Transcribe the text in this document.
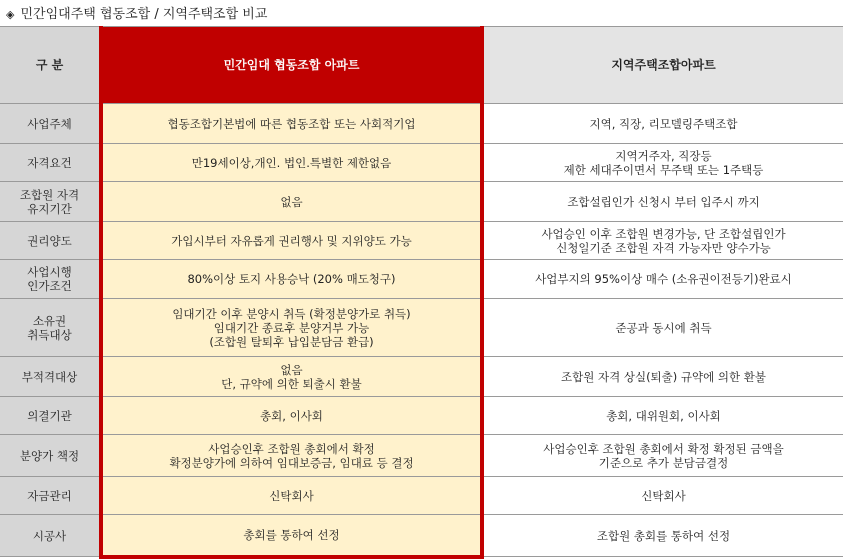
◈ 민간임대주택 협동조합 / 지역주택조합 비교
구 분	민간임대 협동조합 아파트	지역주택조합아파트

사업주체	협동조합기본법에 따른 협동조합 또는 사회적기업	지역, 직장, 리모델링주택조합

자격요건	만19세이상,개인. 법인.특별한 제한없음	지역거주자, 직장등
제한 세대주이면서 무주택 또는 1주택등

조합원 자격
유지기간	없음	조합설립인가 신청시 부터 입주시 까지

권리양도	가입시부터 자유롭게 권리행사 및 지위양도 가능	사업승인 이후 조합원 변경가능, 단 조합설립인가
신청일기준 조합원 자격 가능자만 양수가능

사업시행
인가조건	80%이상 토지 사용승낙 (20% 매도청구)	사업부지의 95%이상 매수 (소유권이전등기)완료시

소유권
취득대상	임대기간 이후 분양시 취득 (확정분양가로 취득)
임대기간 종료후 분양거부 가능
(조합원 탈퇴후 납입분담금 환급)	준공과 동시에 취득

부적격대상	없음
단, 규약에 의한 퇴출시 환불	조합원 자격 상실(퇴출) 규약에 의한 환불

의결기관	총회, 이사회	총회, 대위원회, 이사회

분양가 책정	사업승인후 조합원 총회에서 확정
확정분양가에 의하여 임대보증금, 임대료 등 결정	사업승인후 조합원 총회에서 확정 확정된 금액을
기준으로 추가 분담금결정

자금관리	신탁회사	신탁회사

시공사	총회를 통하여 선정	조합원 총회를 통하여 선정
